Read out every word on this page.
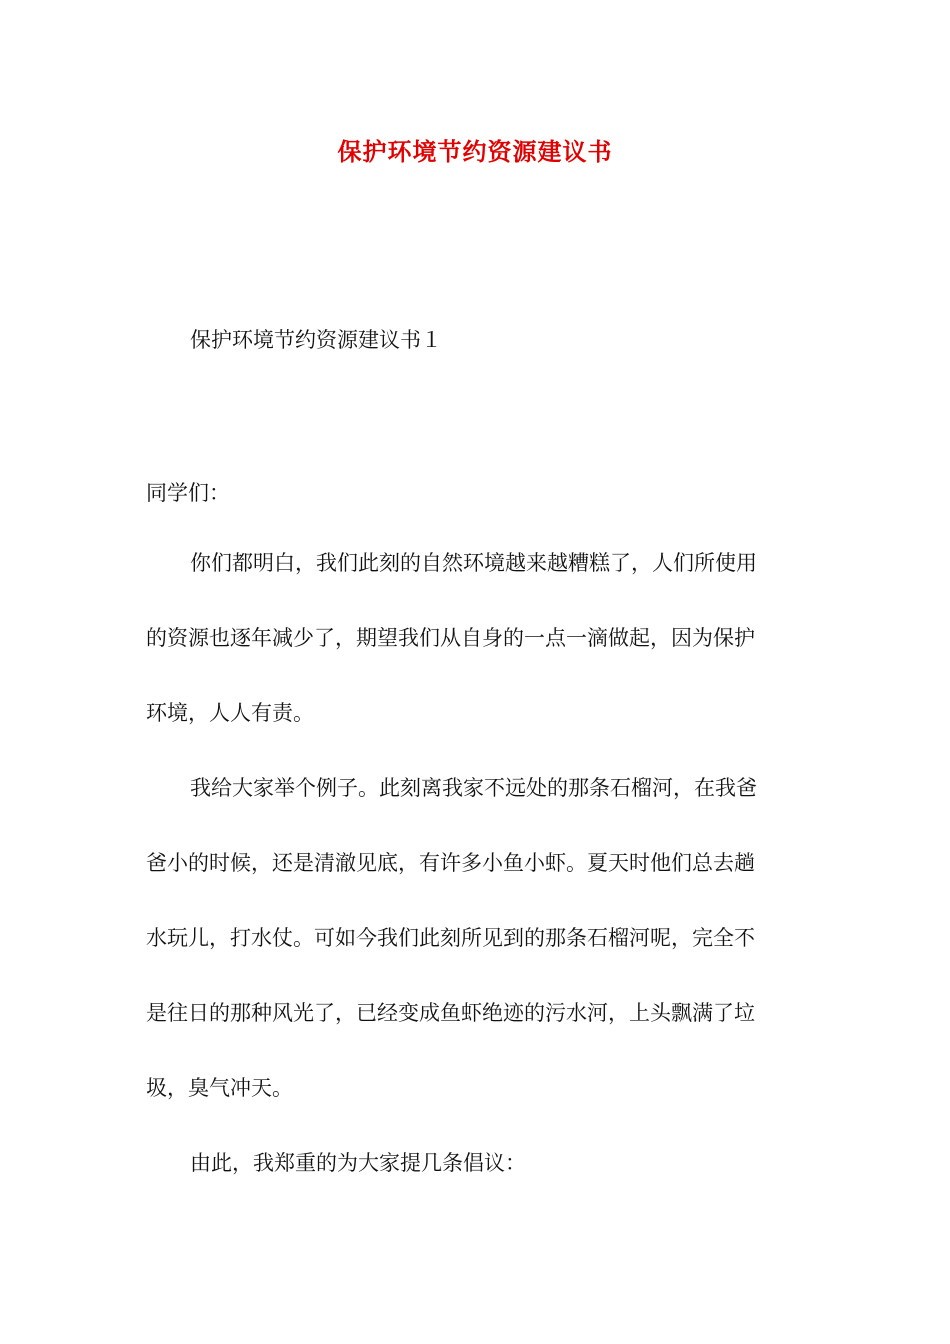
保护环境节约资源建议书
保护环境节约资源建议书１
同学们：
你们都明白，我们此刻的自然环境越来越糟糕了，人们所使用
的资源也逐年减少了，期望我们从自身的一点一滴做起，因为保护
环境，人人有责。
我给大家举个例子。此刻离我家不远处的那条石榴河，在我爸
爸小的时候，还是清澈见底，有许多小鱼小虾。夏天时他们总去趟
水玩儿，打水仗。可如今我们此刻所见到的那条石榴河呢，完全不
是往日的那种风光了，已经变成鱼虾绝迹的污水河，上头飘满了垃
圾，臭气冲天。
由此，我郑重的为大家提几条倡议：
